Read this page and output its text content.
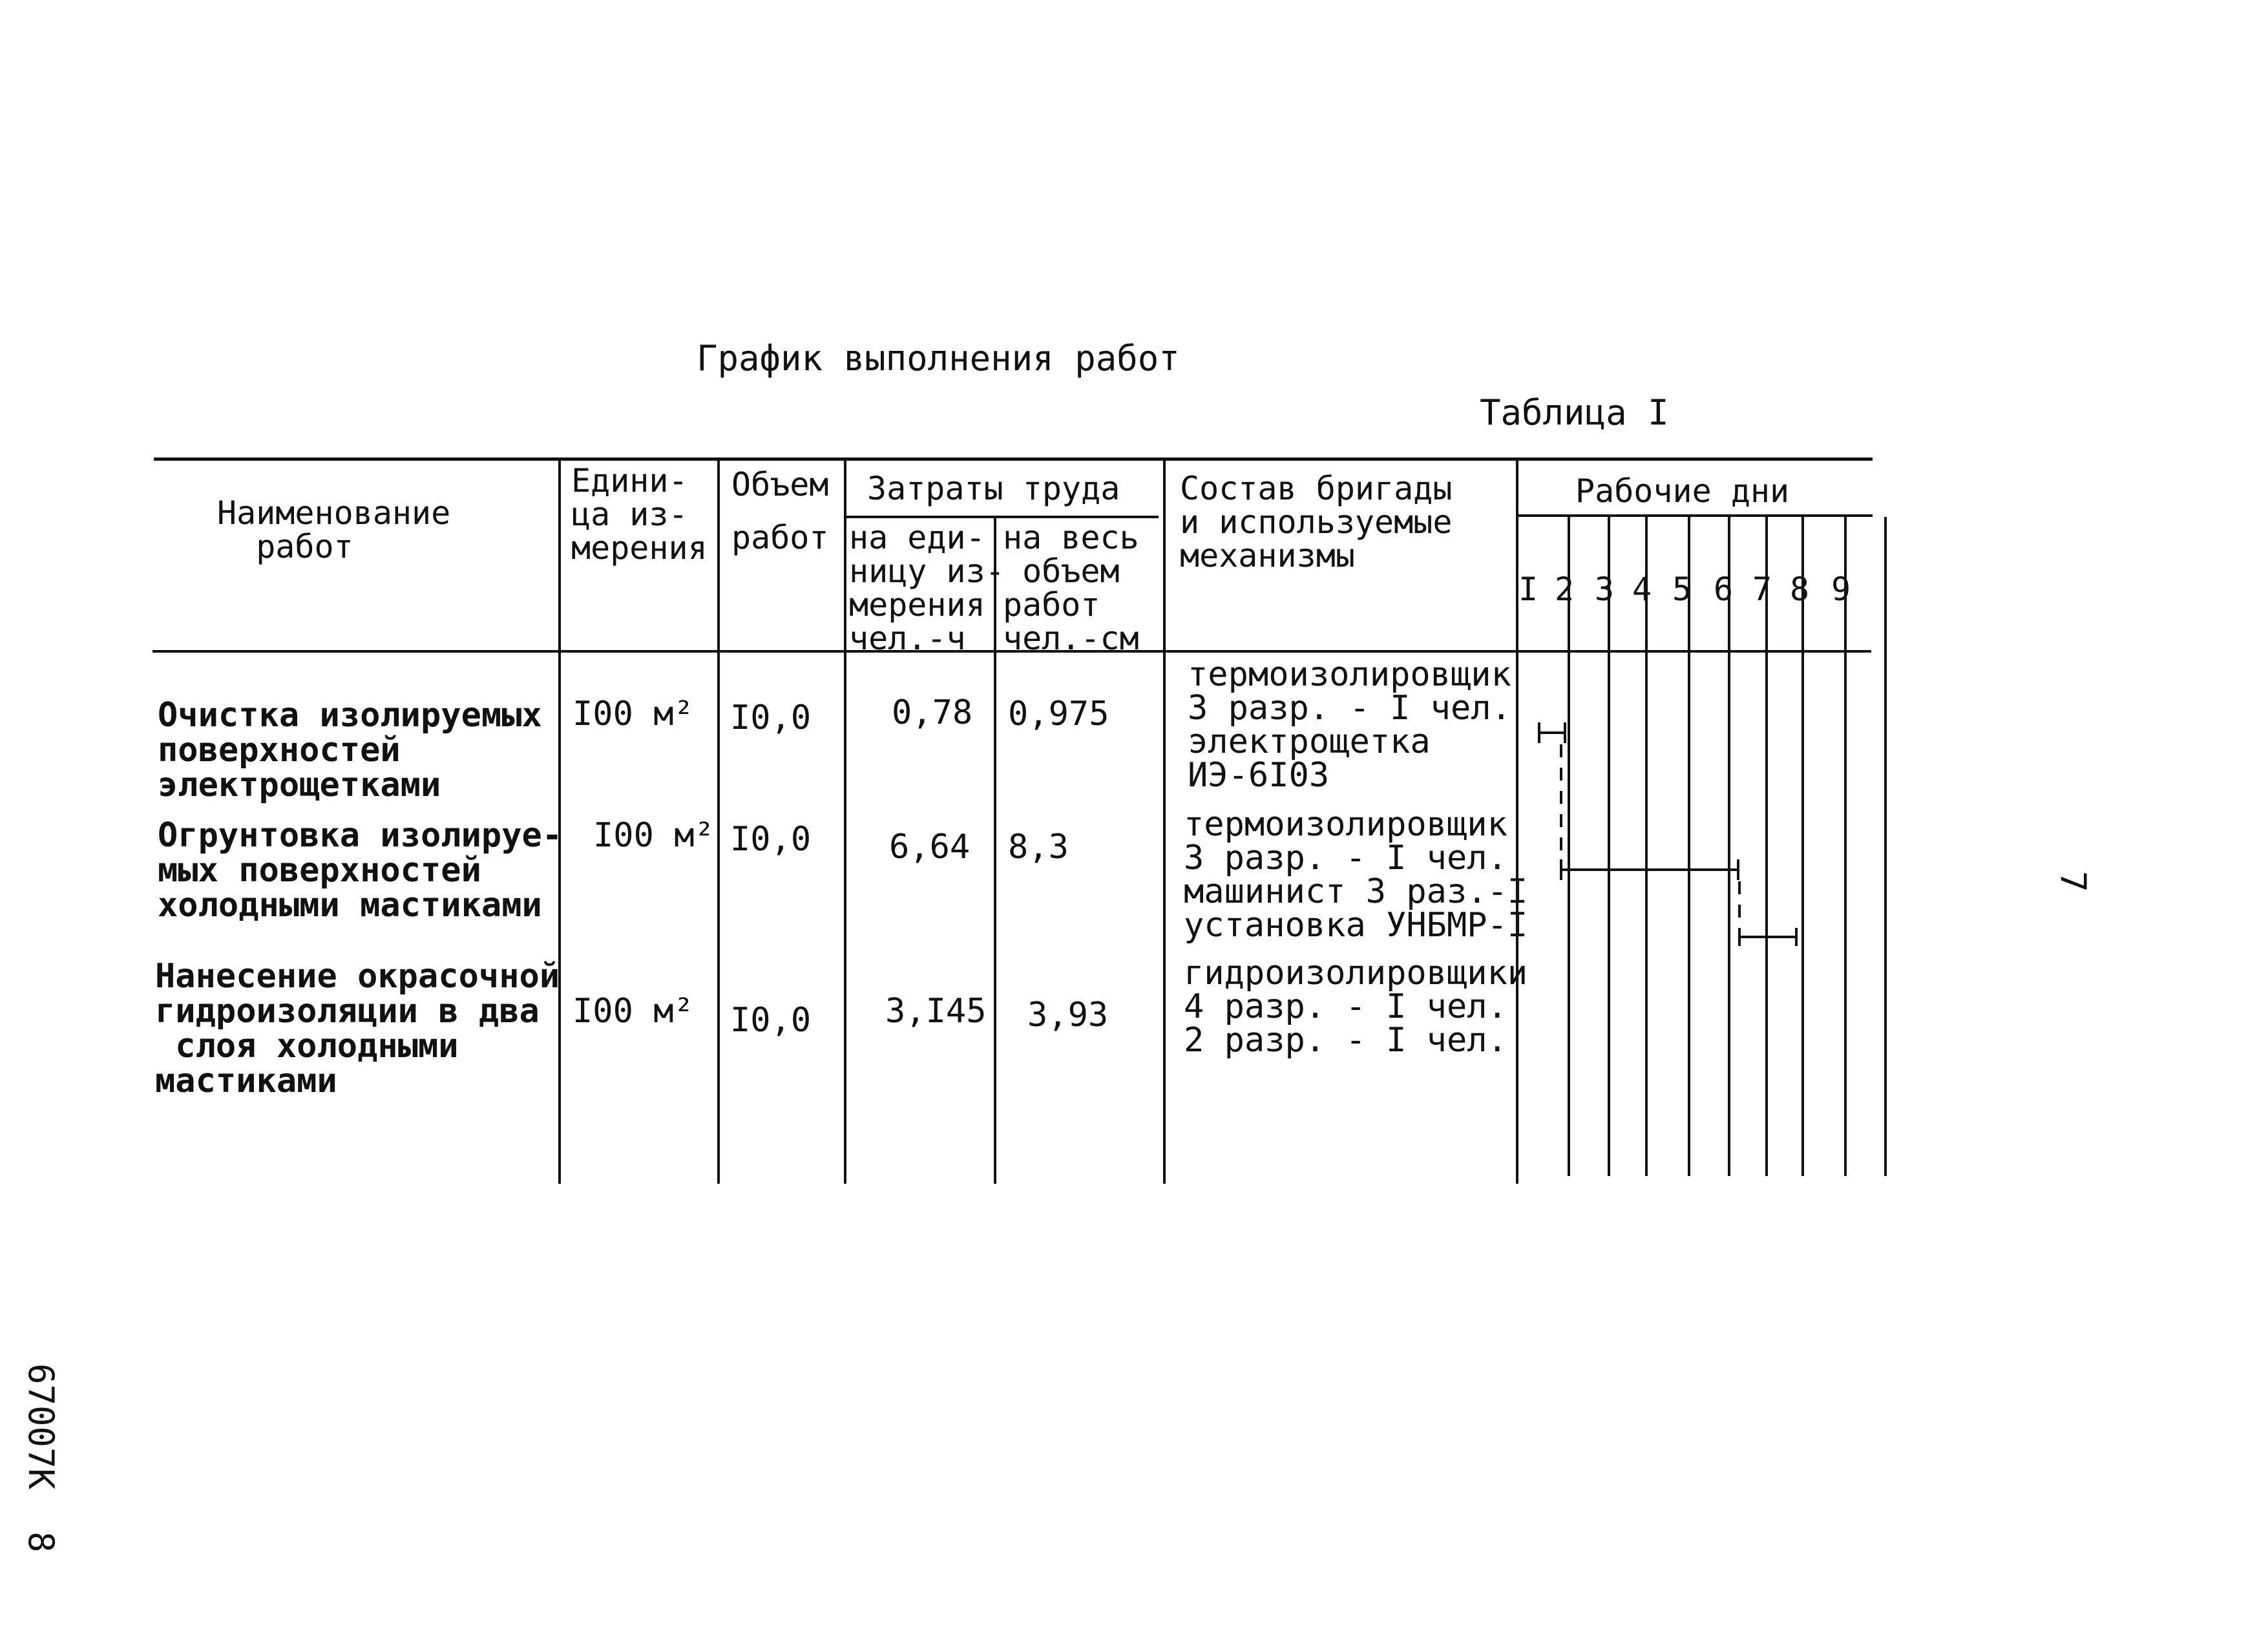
График выполнения работ
Таблица I
7
67007К  8
Наименование
работ
Едини-
ца из-
мерения
Объем
работ
Затраты труда
на еди-
ницу из-
мерения
чел.-ч
на весь
объем
работ
чел.-см
Состав бригады
и используемые
механизмы
Рабочие дни
I 2 3 4 5 6 7 8 9
Очистка изолируемых
поверхностей
электрощетками
I00 м² I0,0 0,78 0,975
термоизолировщик
3 разр. - I чел.
электрощетка
ИЭ-6I03
Огрунтовка изолируе-
мых поверхностей
холодными мастиками
I00 м² I0,0 6,64 8,3
термоизолировщик
3 разр. - I чел.
машинист 3 раз.-I
установка УНБМР-I
Нанесение окрасочной
гидроизоляции в два
слоя холодными
мастиками
I00 м² I0,0 3,I45 3,93
гидроизолировщики
4 разр. - I чел.
2 разр. - I чел.
